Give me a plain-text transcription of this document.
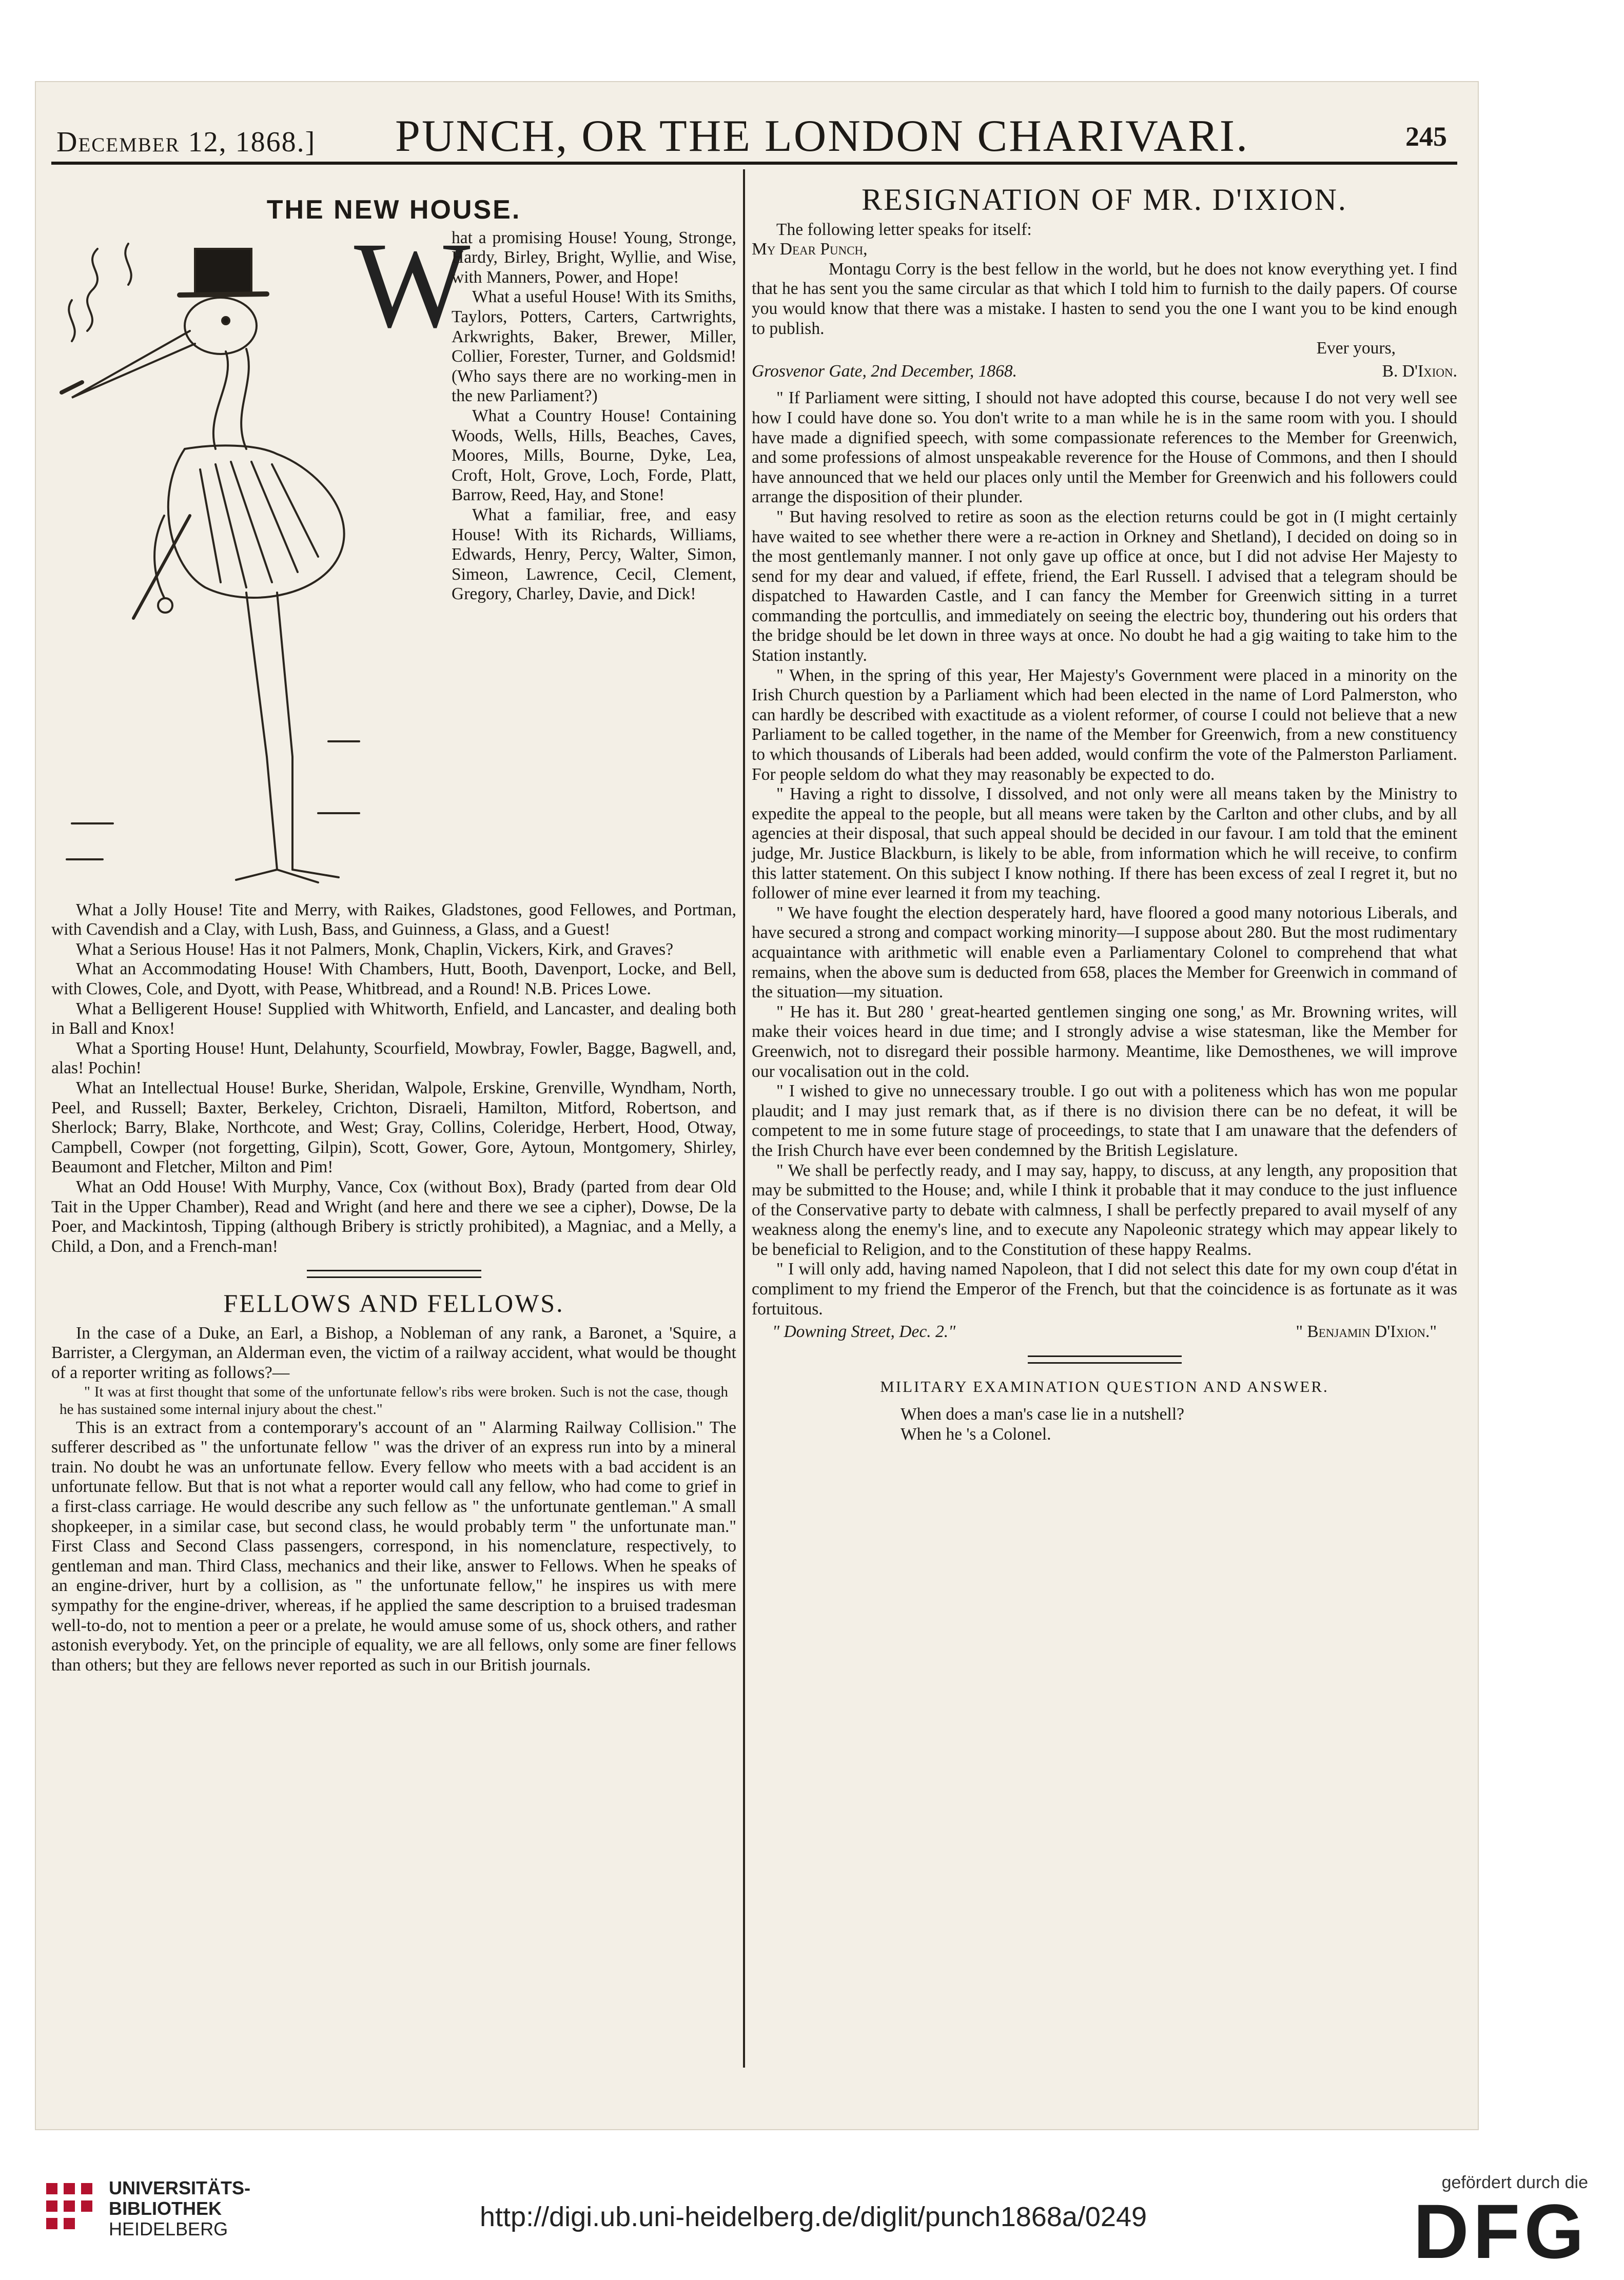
December 12, 1868.] PUNCH, OR THE LONDON CHARIVARI.	245
THE NEW HOUSE.
W

hat a promising House! Young, Stronge, Hardy, Birley, Bright, Wyllie, and Wise, with Manners, Power, and Hope!

What a useful House! With its Smiths, Taylors, Potters, Carters, Cartwrights, Arkwrights, Baker, Brewer, Miller, Collier, Forester, Turner, and Goldsmid! (Who says there are no working-men in the new Parliament?)

What a Country House! Containing Woods, Wells, Hills, Beaches, Caves, Moores, Mills, Bourne, Dyke, Lea, Croft, Holt, Grove, Loch, Forde, Platt, Barrow, Reed, Hay, and Stone!

What a familiar, free, and easy House! With its Richards, Williams, Edwards, Henry, Percy, Walter, Simon, Simeon, Lawrence, Cecil, Clement, Gregory, Charley, Davie, and Dick!

What a Jolly House! Tite and Merry, with Raikes, Gladstones, good Fellowes, and Portman, with Cavendish and a Clay, with Lush, Bass, and Guinness, a Glass, and a Guest!

What a Serious House! Has it not Palmers, Monk, Chaplin, Vickers, Kirk, and Graves?

What an Accommodating House! With Chambers, Hutt, Booth, Davenport, Locke, and Bell, with Clowes, Cole, and Dyott, with Pease, Whitbread, and a Round! N.B. Prices Lowe.

What a Belligerent House! Supplied with Whitworth, Enfield, and Lancaster, and dealing both in Ball and Knox!

What a Sporting House! Hunt, Delahunty, Scourfield, Mowbray, Fowler, Bagge, Bagwell, and, alas! Pochin!

What an Intellectual House! Burke, Sheridan, Walpole, Erskine, Grenville, Wyndham, North, Peel, and Russell; Baxter, Berkeley, Crichton, Disraeli, Hamilton, Mitford, Robertson, and Sherlock; Barry, Blake, Northcote, and West; Gray, Collins, Coleridge, Herbert, Hood, Otway, Campbell, Cowper (not forgetting, Gilpin), Scott, Gower, Gore, Aytoun, Montgomery, Shirley, Beaumont and Fletcher, Milton and Pim!

What an Odd House! With Murphy, Vance, Cox (without Box), Brady (parted from dear Old Tait in the Upper Chamber), Read and Wright (and here and there we see a cipher), Dowse, De la Poer, and Mackintosh, Tipping (although Bribery is strictly prohibited), a Magniac, and a Melly, a Child, a Don, and a French-man!

FELLOWS AND FELLOWS.

In the case of a Duke, an Earl, a Bishop, a Nobleman of any rank, a Baronet, a 'Squire, a Barrister, a Clergyman, an Alderman even, the victim of a railway accident, what would be thought of a reporter writing as follows?—

" It was at first thought that some of the unfortunate fellow's ribs were broken. Such is not the case, though he has sustained some internal injury about the chest."

This is an extract from a contemporary's account of an " Alarming Railway Collision." The sufferer described as " the unfortunate fellow " was the driver of an express run into by a mineral train. No doubt he was an unfortunate fellow. Every fellow who meets with a bad accident is an unfortunate fellow. But that is not what a reporter would call any fellow, who had come to grief in a first-class carriage. He would describe any such fellow as " the unfortunate gentleman." A small shopkeeper, in a similar case, but second class, he would probably term " the unfortunate man." First Class and Second Class passengers, correspond, in his nomenclature, respectively, to gentleman and man. Third Class, mechanics and their like, answer to Fellows. When he speaks of an engine-driver, hurt by a collision, as " the unfortunate fellow," he inspires us with mere sympathy for the engine-driver, whereas, if he applied the same description to a bruised tradesman well-to-do, not to mention a peer or a prelate, he would amuse some of us, shock others, and rather astonish everybody. Yet, on the principle of equality, we are all fellows, only some are finer fellows than others; but they are fellows never reported as such in our British journals.

RESIGNATION OF MR. D'IXION.

The following letter speaks for itself:

My Dear Punch,

Montagu Corry is the best fellow in the world, but he does not know everything yet. I find that he has sent you the same circular as that which I told him to furnish to the daily papers. Of course you would know that there was a mistake. I hasten to send you the one I want you to be kind enough to publish.

Ever yours,

Grosvenor Gate, 2nd December, 1868.	B. D'Ixion.

" If Parliament were sitting, I should not have adopted this course, because I do not very well see how I could have done so. You don't write to a man while he is in the same room with you. I should have made a dignified speech, with some compassionate references to the Member for Greenwich, and some professions of almost unspeakable reverence for the House of Commons, and then I should have announced that we held our places only until the Member for Greenwich and his followers could arrange the disposition of their plunder.

" But having resolved to retire as soon as the election returns could be got in (I might certainly have waited to see whether there were a re-action in Orkney and Shetland), I decided on doing so in the most gentlemanly manner. I not only gave up office at once, but I did not advise Her Majesty to send for my dear and valued, if effete, friend, the Earl Russell. I advised that a telegram should be dispatched to Hawarden Castle, and I can fancy the Member for Greenwich sitting in a turret commanding the portcullis, and immediately on seeing the electric boy, thundering out his orders that the bridge should be let down in three ways at once. No doubt he had a gig waiting to take him to the Station instantly.

" When, in the spring of this year, Her Majesty's Government were placed in a minority on the Irish Church question by a Parliament which had been elected in the name of Lord Palmerston, who can hardly be described with exactitude as a violent reformer, of course I could not believe that a new Parliament to be called together, in the name of the Member for Greenwich, from a new constituency to which thousands of Liberals had been added, would confirm the vote of the Palmerston Parliament. For people seldom do what they may reasonably be expected to do.

" Having a right to dissolve, I dissolved, and not only were all means taken by the Ministry to expedite the appeal to the people, but all means were taken by the Carlton and other clubs, and by all agencies at their disposal, that such appeal should be decided in our favour. I am told that the eminent judge, Mr. Justice Blackburn, is likely to be able, from information which he will receive, to confirm this latter statement. On this subject I know nothing. If there has been excess of zeal I regret it, but no follower of mine ever learned it from my teaching.

" We have fought the election desperately hard, have floored a good many notorious Liberals, and have secured a strong and compact working minority—I suppose about 280. But the most rudimentary acquaintance with arithmetic will enable even a Parliamentary Colonel to comprehend that what remains, when the above sum is deducted from 658, places the Member for Greenwich in command of the situation—my situation.

" He has it. But 280 ' great-hearted gentlemen singing one song,' as Mr. Browning writes, will make their voices heard in due time; and I strongly advise a wise statesman, like the Member for Greenwich, not to disregard their possible harmony. Meantime, like Demosthenes, we will improve our vocalisation out in the cold.

" I wished to give no unnecessary trouble. I go out with a politeness which has won me popular plaudit; and I may just remark that, as if there is no division there can be no defeat, it will be competent to me in some future stage of proceedings, to state that I am unaware that the defenders of the Irish Church have ever been condemned by the British Legislature.

" We shall be perfectly ready, and I may say, happy, to discuss, at any length, any proposition that may be submitted to the House; and, while I think it probable that it may conduce to the just influence of the Conservative party to debate with calmness, I shall be perfectly prepared to avail myself of any weakness along the enemy's line, and to execute any Napoleonic strategy which may appear likely to be beneficial to Religion, and to the Constitution of these happy Realms.

" I will only add, having named Napoleon, that I did not select this date for my own coup d'état in compliment to my friend the Emperor of the French, but that the coincidence is as fortunate as it was fortuitous.

" Downing Street, Dec. 2."	" Benjamin D'Ixion."
MILITARY EXAMINATION QUESTION AND ANSWER.

When does a man's case lie in a nutshell?

When he 's a Colonel.

UNIVERSITÄTS-
BIBLIOTHEK
HEIDELBERG	http://digi.ub.uni-heidelberg.de/diglit/punch1868a/0249
gefördert durch die
DFG
